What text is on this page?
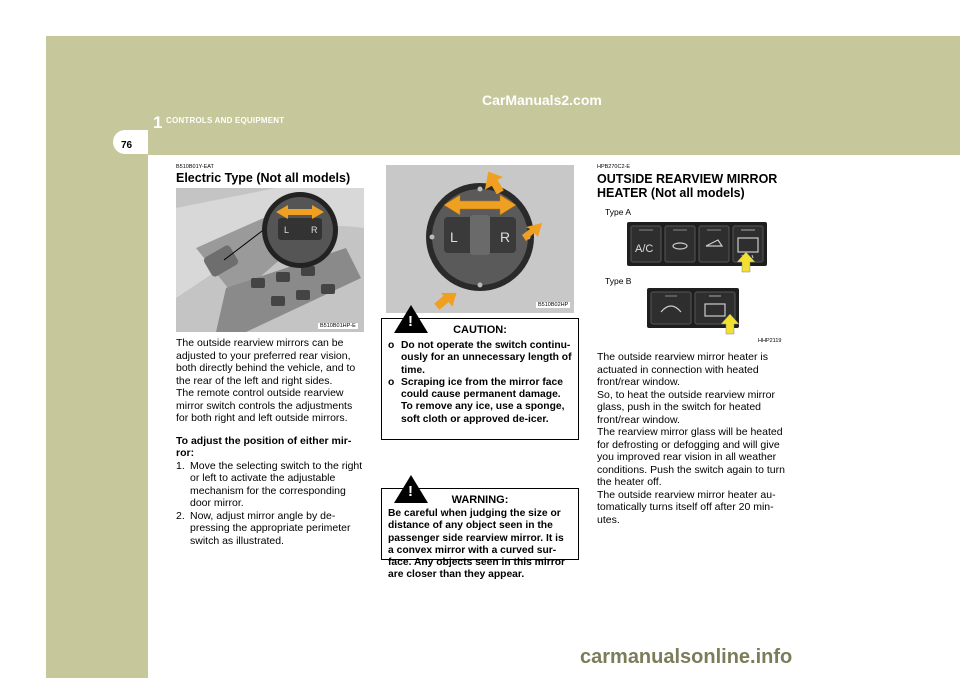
1 CONTROLS AND EQUIPMENT
76
CarManuals2.com
B510B01Y-EAT
Electric Type (Not all models)
L R
B510B01HP-E

The outside rearview mirrors can be adjusted to your preferred rear vision, both directly behind the vehicle, and to the rear of the left and right sides.

The remote control outside rearview mirror switch controls the adjustments for both right and left outside mirrors.

To adjust the position of either mir-ror:

1. Move the selecting switch to the right or left to activate the adjustable mechanism for the corresponding door mirror.
2. Now, adjust mirror angle by de-pressing the appropriate perimeter switch as illustrated.
L	R
B510B02HP
!	CAUTION:
o Do not operate the switch continu-ously for an unnecessary length of time.
o Scraping ice from the mirror face could cause permanent damage. To remove any ice, use a sponge, soft cloth or approved de-icer.
!	WARNING:
Be careful when judging the size or distance of any object seen in the passenger side rearview mirror. It is a convex mirror with a curved sur-face. Any objects seen in this mirror are closer than they appear.
HPB270C2-E
OUTSIDE REARVIEW MIRROR
HEATER (Not all models)
Type A
Type B
A/C
HHP2119

The outside rearview mirror heater is actuated in connection with heated front/rear window.

So, to heat the outside rearview mirror glass, push in the switch for heated front/rear window.

The rearview mirror glass will be heated for defrosting or defogging and will give you improved rear vision in all weather conditions. Push the switch again to turn the heater off.

The outside rearview mirror heater au-tomatically turns itself off after 20 min-utes.

carmanualsonline.info
